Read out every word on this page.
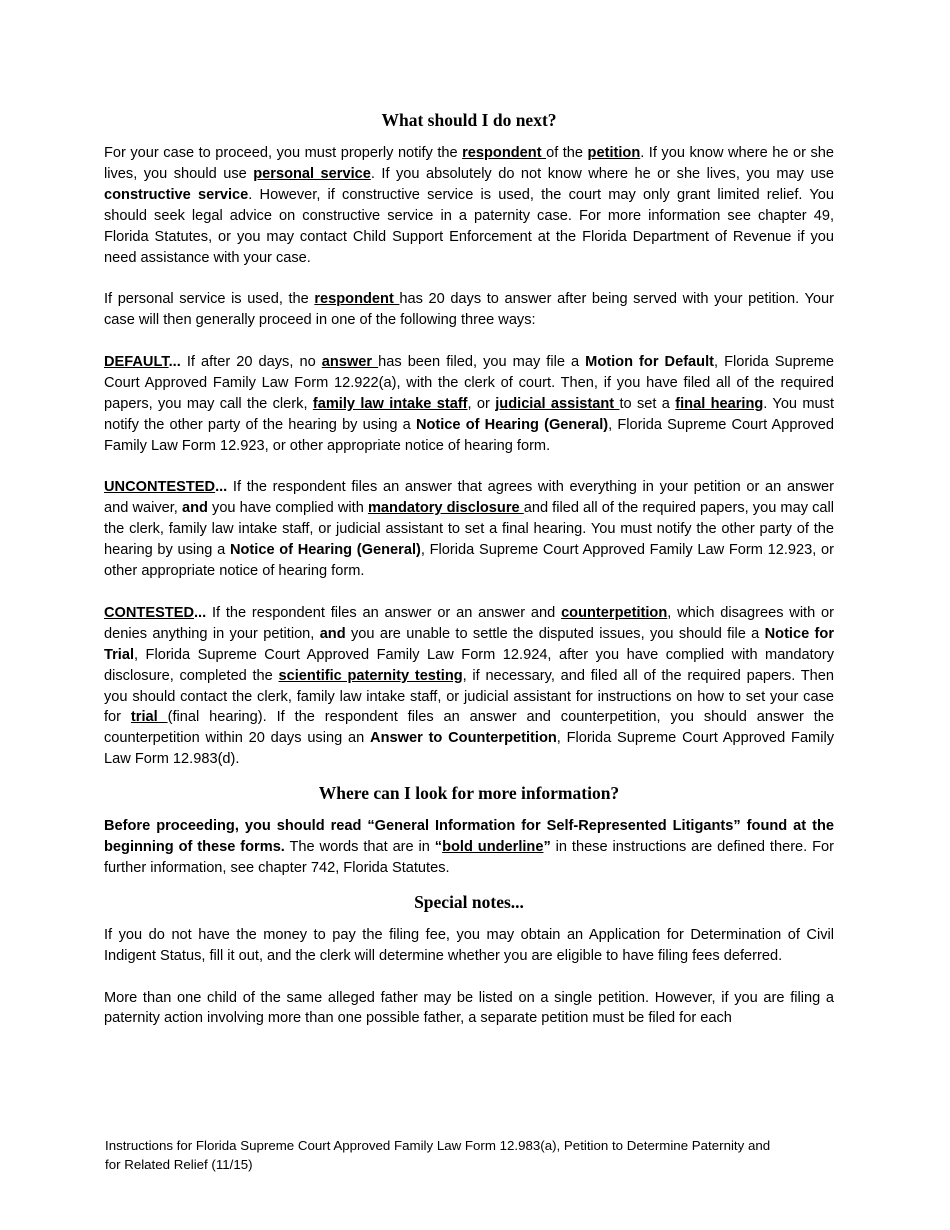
What should I do next?

For your case to proceed, you must properly notify the respondent of the petition. If you know where he or she lives, you should use personal service. If you absolutely do not know where he or she lives, you may use constructive service. However, if constructive service is used, the court may only grant limited relief. You should seek legal advice on constructive service in a paternity case. For more information see chapter 49, Florida Statutes, or you may contact Child Support Enforcement at the Florida Department of Revenue if you need assistance with your case.

If personal service is used, the respondent has 20 days to answer after being served with your petition. Your case will then generally proceed in one of the following three ways:

DEFAULT... If after 20 days, no answer has been filed, you may file a Motion for Default, Florida Supreme Court Approved Family Law Form 12.922(a), with the clerk of court. Then, if you have filed all of the required papers, you may call the clerk, family law intake staff, or judicial assistant to set a final hearing. You must notify the other party of the hearing by using a Notice of Hearing (General), Florida Supreme Court Approved Family Law Form 12.923, or other appropriate notice of hearing form.

UNCONTESTED... If the respondent files an answer that agrees with everything in your petition or an answer and waiver, and you have complied with mandatory disclosure and filed all of the required papers, you may call the clerk, family law intake staff, or judicial assistant to set a final hearing. You must notify the other party of the hearing by using a Notice of Hearing (General), Florida Supreme Court Approved Family Law Form 12.923, or other appropriate notice of hearing form.

CONTESTED... If the respondent files an answer or an answer and counterpetition, which disagrees with or denies anything in your petition, and you are unable to settle the disputed issues, you should file a Notice for Trial, Florida Supreme Court Approved Family Law Form 12.924, after you have complied with mandatory disclosure, completed the scientific paternity testing, if necessary, and filed all of the required papers. Then you should contact the clerk, family law intake staff, or judicial assistant for instructions on how to set your case for trial (final hearing). If the respondent files an answer and counterpetition, you should answer the counterpetition within 20 days using an Answer to Counterpetition, Florida Supreme Court Approved Family Law Form 12.983(d).

Where can I look for more information?

Before proceeding, you should read “General Information for Self-Represented Litigants” found at the beginning of these forms. The words that are in “bold underline” in these instructions are defined there. For further information, see chapter 742, Florida Statutes.

Special notes...

If you do not have the money to pay the filing fee, you may obtain an Application for Determination of Civil Indigent Status, fill it out, and the clerk will determine whether you are eligible to have filing fees deferred.

More than one child of the same alleged father may be listed on a single petition. However, if you are filing a paternity action involving more than one possible father, a separate petition must be filed for each

Instructions for Florida Supreme Court Approved Family Law Form 12.983(a), Petition to Determine Paternity and
for Related Relief (11/15)
